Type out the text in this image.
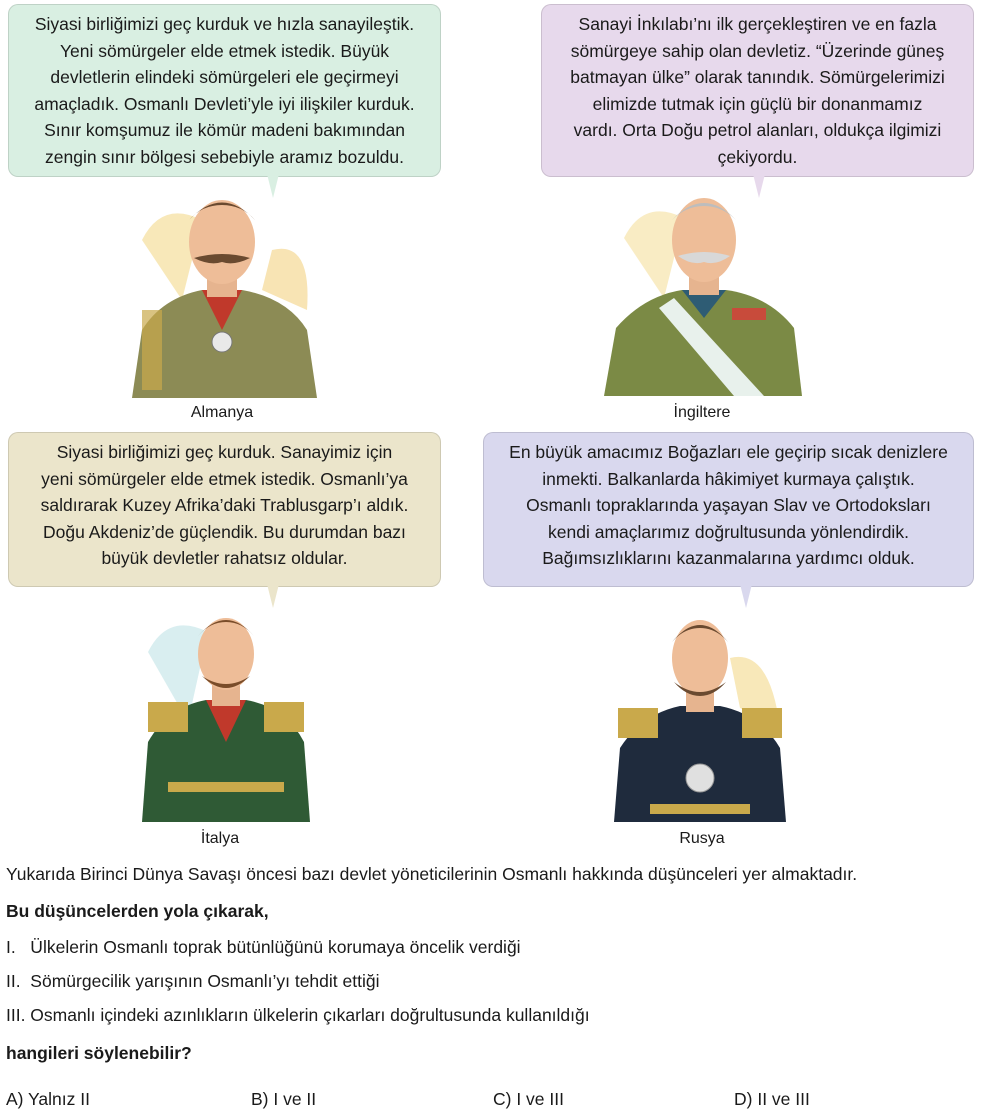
Siyasi birliğimizi geç kurduk ve hızla sanayileştik.
Yeni sömürgeler elde etmek istedik. Büyük
devletlerin elindeki sömürgeleri ele geçirmeyi
amaçladık. Osmanlı Devleti’yle iyi ilişkiler kurduk.
Sınır komşumuz ile kömür madeni bakımından
zengin sınır bölgesi sebebiyle aramız bozuldu.

Sanayi İnkılabı’nı ilk gerçekleştiren ve en fazla
sömürgeye sahip olan devletiz. “Üzerinde güneş
batmayan ülke” olarak tanındık. Sömürgelerimizi
elimizde tutmak için güçlü bir donanmamız
vardı. Orta Doğu petrol alanları, oldukça ilgimizi
çekiyordu.

Siyasi birliğimizi geç kurduk. Sanayimiz için
yeni sömürgeler elde etmek istedik. Osmanlı’ya
saldırarak Kuzey Afrika’daki Trablusgarp’ı aldık.
Doğu Akdeniz’de güçlendik. Bu durumdan bazı
büyük devletler rahatsız oldular.

En büyük amacımız Boğazları ele geçirip sıcak denizlere
inmekti. Balkanlarda hâkimiyet kurmaya çalıştık.
Osmanlı topraklarında yaşayan Slav ve Ortodoksları
kendi amaçlarımız doğrultusunda yönlendirdik.
Bağımsızlıklarını kazanmalarına yardımcı olduk.

Almanya	İngiltere
İtalya	Rusya
Yukarıda Birinci Dünya Savaşı öncesi bazı devlet yöneticilerinin Osmanlı hakkında düşünceleri yer almaktadır.
Bu düşüncelerden yola çıkarak,
I.   Ülkelerin Osmanlı toprak bütünlüğünü korumaya öncelik verdiği
II.  Sömürgecilik yarışının Osmanlı’yı tehdit ettiği
III. Osmanlı içindeki azınlıkların ülkelerin çıkarları doğrultusunda kullanıldığı
hangileri söylenebilir?
A) Yalnız II	B) I ve II	C) I ve III	D) II ve III
